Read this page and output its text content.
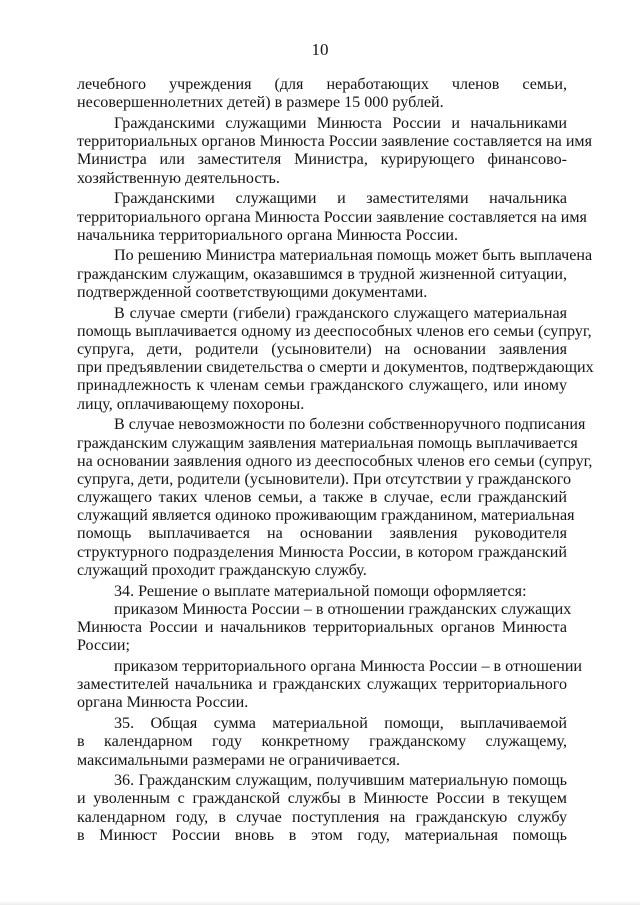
10
лечебного учреждения (для неработающих членов семьи,
несовершеннолетних детей) в размере 15 000 рублей.
Гражданскими служащими Минюста России и начальниками
территориальных органов Минюста России заявление составляется на имя
Министра или заместителя Министра, курирующего финансово-
хозяйственную деятельность.
Гражданскими служащими и заместителями начальника
территориального органа Минюста России заявление составляется на имя
начальника территориального органа Минюста России.
По решению Министра материальная помощь может быть выплачена
гражданским служащим, оказавшимся в трудной жизненной ситуации,
подтвержденной соответствующими документами.
В случае смерти (гибели) гражданского служащего материальная
помощь выплачивается одному из дееспособных членов его семьи (супруг,
супруга, дети, родители (усыновители) на основании заявления
при предъявлении свидетельства о смерти и документов, подтверждающих
принадлежность к членам семьи гражданского служащего, или иному
лицу, оплачивающему похороны.
В случае невозможности по болезни собственноручного подписания
гражданским служащим заявления материальная помощь выплачивается
на основании заявления одного из дееспособных членов его семьи (супруг,
супруга, дети, родители (усыновители). При отсутствии у гражданского
служащего таких членов семьи, а также в случае, если гражданский
служащий является одиноко проживающим гражданином, материальная
помощь выплачивается на основании заявления руководителя
структурного подразделения Минюста России, в котором гражданский
служащий проходит гражданскую службу.
34. Решение о выплате материальной помощи оформляется:
приказом Минюста России – в отношении гражданских служащих
Минюста России и начальников территориальных органов Минюста
России;
приказом территориального органа Минюста России – в отношении
заместителей начальника и гражданских служащих территориального
органа Минюста России.
35. Общая сумма материальной помощи, выплачиваемой
в календарном году конкретному гражданскому служащему,
максимальными размерами не ограничивается.
36. Гражданским служащим, получившим материальную помощь
и уволенным с гражданской службы в Минюсте России в текущем
календарном году, в случае поступления на гражданскую службу
в Минюст России вновь в этом году, материальная помощь
